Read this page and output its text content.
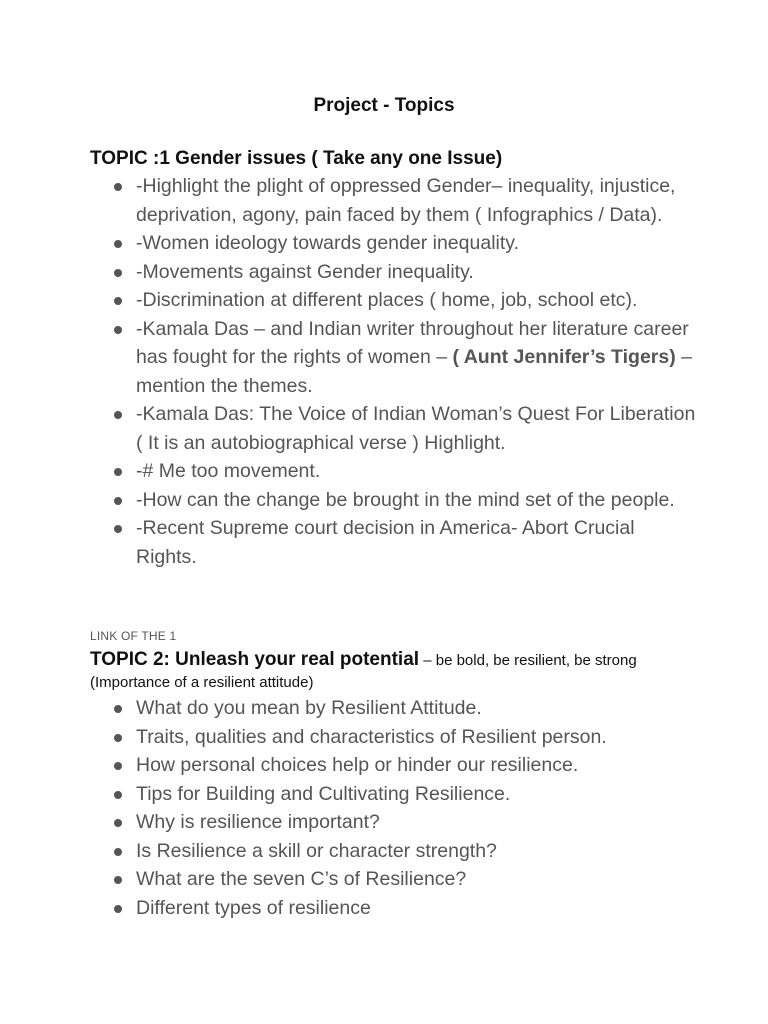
Project - Topics
TOPIC :1 Gender issues ( Take any one Issue)
-Highlight the plight of oppressed Gender– inequality, injustice, deprivation, agony, pain faced by them ( Infographics / Data).
-Women ideology towards gender inequality.
-Movements against Gender inequality.
-Discrimination at different places ( home, job, school etc).
-Kamala Das – and Indian writer throughout her literature career has fought for the rights of women – ( Aunt Jennifer’s Tigers) –mention the themes.
-Kamala Das: The Voice of Indian Woman’s Quest For Liberation ( It is an autobiographical verse ) Highlight.
-# Me too movement.
-How can the change be brought in the mind set of the people.
-Recent Supreme court decision in America- Abort Crucial Rights.
LINK OF THE 1
TOPIC 2: Unleash your real potential – be bold, be resilient, be strong
(Importance of a resilient attitude)
What do you mean by Resilient Attitude.
Traits, qualities and characteristics of Resilient person.
How personal choices help or hinder our resilience.
Tips for Building and Cultivating Resilience.
Why is resilience important?
Is Resilience a skill or character strength?
What are the seven C’s of Resilience?
Different types of resilience
